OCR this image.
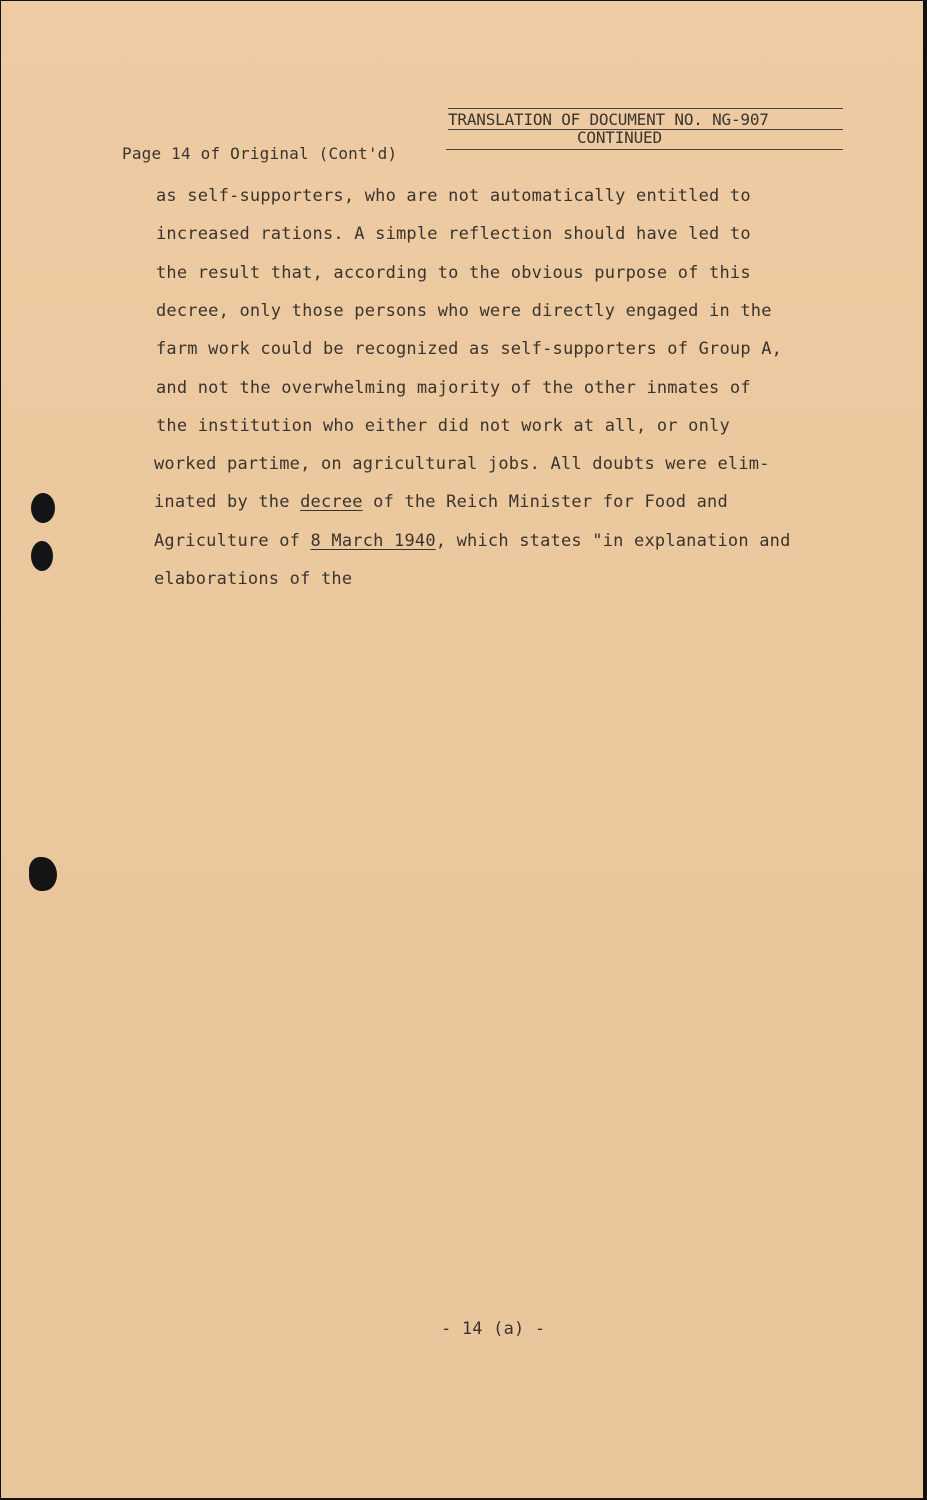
TRANSLATION OF DOCUMENT NO. NG-907
CONTINUED
Page 14 of Original (Cont'd)
as self-supporters, who are not automatically entitled to
increased rations. A simple reflection should have led to
the result that, according to the obvious purpose of this
decree, only those persons who were directly engaged in the
farm work could be recognized as self-supporters of Group A,
and not the overwhelming majority of the other inmates of
the institution who either did not work at all, or only
worked partime, on agricultural jobs. All doubts were elim-
inated by the decree of the Reich Minister for Food and
Agriculture of 8 March 1940, which states "in explanation and
elaborations of the
- 14 (a) -
